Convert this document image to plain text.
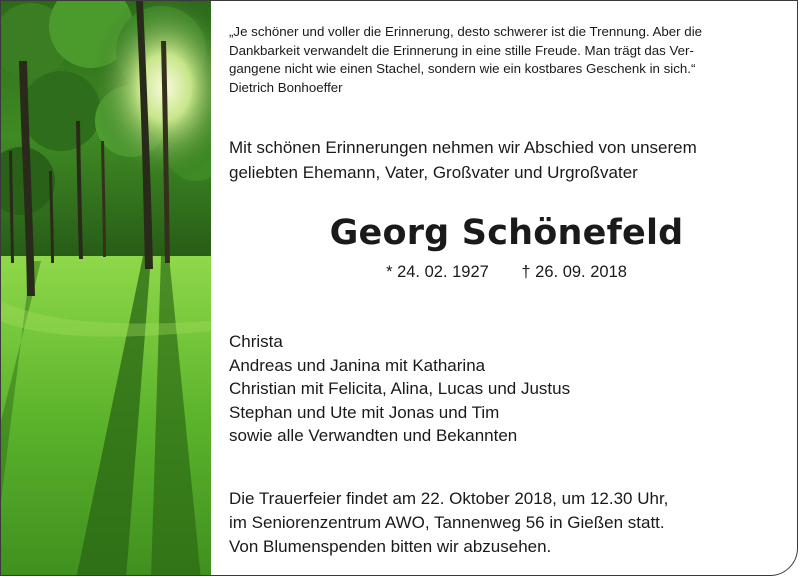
„Je schöner und voller die Erinnerung, desto schwerer ist die Trennung. Aber die

Dankbarkeit verwandelt die Erinnerung in eine stille Freude. Man trägt das Ver-

gangene nicht wie einen Stachel, sondern wie ein kostbares Geschenk in sich.“

Dietrich Bonhoeffer

Mit schönen Erinnerungen nehmen wir Abschied von unserem
geliebten Ehemann, Vater, Großvater und Urgroßvater
Georg Schönefeld
* 24. 02. 1927 † 26. 09. 2018
Christa
Andreas und Janina mit Katharina
Christian mit Felicita, Alina, Lucas und Justus
Stephan und Ute mit Jonas und Tim
sowie alle Verwandten und Bekannten
Die Trauerfeier findet am 22. Oktober 2018, um 12.30 Uhr,
im Seniorenzentrum AWO, Tannenweg 56 in Gießen statt.
Von Blumenspenden bitten wir abzusehen.
